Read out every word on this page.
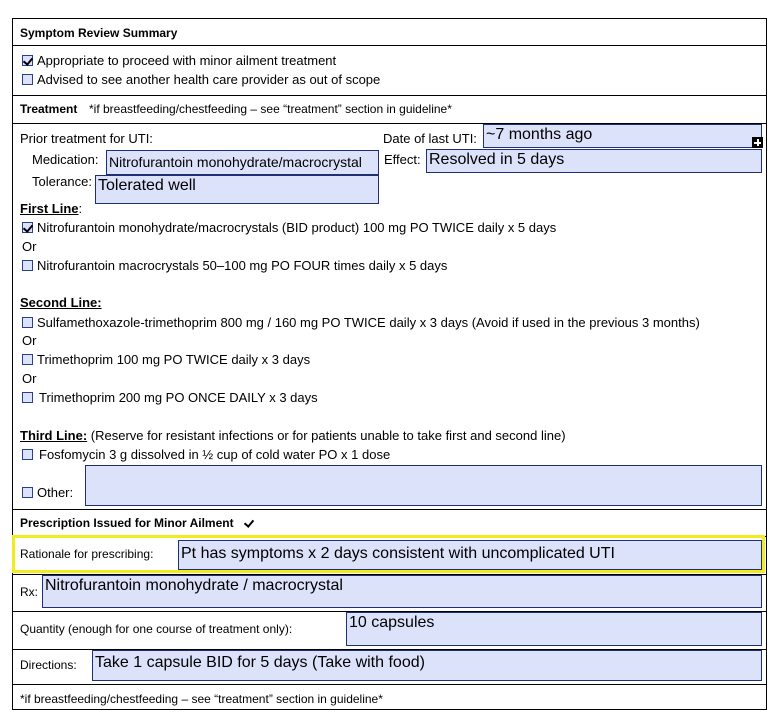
Symptom Review Summary
Appropriate to proceed with minor ailment treatment
Advised to see another health care provider as out of scope
Treatment *if breastfeeding/chestfeeding – see “treatment” section in guideline*
Prior treatment for UTI:	Date of last UTI: ~7 months ago
Medication: Nitrofurantoin monohydrate/macrocrystal	Effect: Resolved in 5 days
Tolerance: Tolerated well
First Line:
Nitrofurantoin monohydrate/macrocrystals (BID product) 100 mg PO TWICE daily x 5 days
Or
Nitrofurantoin macrocrystals 50–100 mg PO FOUR times daily x 5 days
Second Line:
Sulfamethoxazole-trimethoprim 800 mg / 160 mg PO TWICE daily x 3 days (Avoid if used in the previous 3 months)
Or
Trimethoprim 100 mg PO TWICE daily x 3 days
Or
Trimethoprim 200 mg PO ONCE DAILY x 3 days
Third Line: (Reserve for resistant infections or for patients unable to take first and second line)
Fosfomycin 3 g dissolved in ½ cup of cold water PO x 1 dose
Other:
Prescription Issued for Minor Ailment
Rationale for prescribing: Pt has symptoms x 2 days consistent with uncomplicated UTI
Rx: Nitrofurantoin monohydrate / macrocrystal
Quantity (enough for one course of treatment only):	10 capsules
Directions: Take 1 capsule BID for 5 days (Take with food)
*if breastfeeding/chestfeeding – see “treatment” section in guideline*
